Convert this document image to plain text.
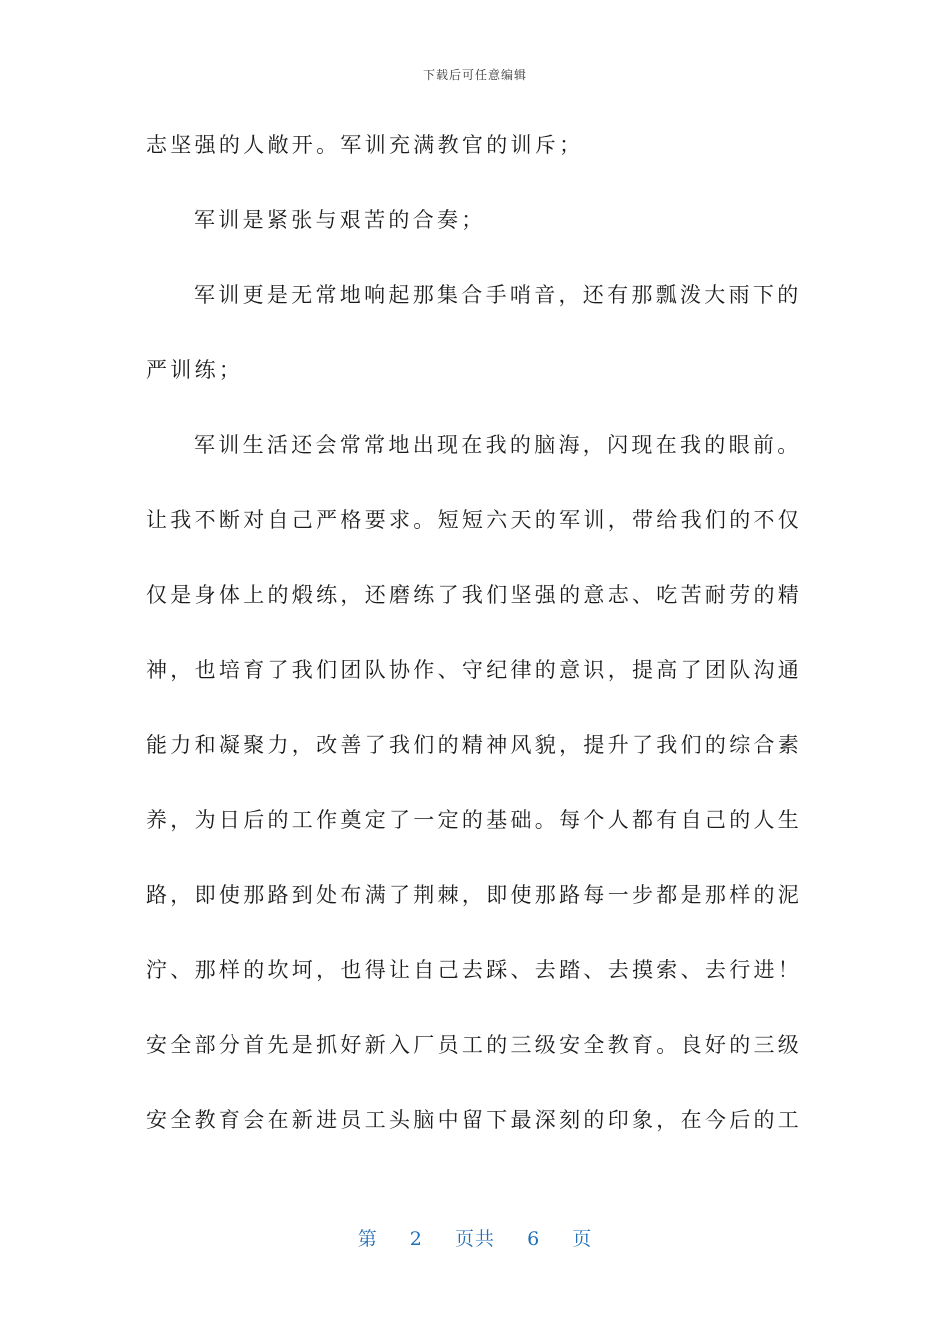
下载后可任意编辑
志坚强的人敞开。军训充满教官的训斥；
军训是紧张与艰苦的合奏；
军训更是无常地响起那集合手哨音，还有那瓢泼大雨下的
严训练；
军训生活还会常常地出现在我的脑海，闪现在我的眼前。
让我不断对自己严格要求。短短六天的军训，带给我们的不仅
仅是身体上的煅练，还磨练了我们坚强的意志、吃苦耐劳的精
神，也培育了我们团队协作、守纪律的意识，提高了团队沟通
能力和凝聚力，改善了我们的精神风貌，提升了我们的综合素
养，为日后的工作奠定了一定的基础。每个人都有自己的人生
路，即使那路到处布满了荆棘，即使那路每一步都是那样的泥
泞、那样的坎坷，也得让自己去踩、去踏、去摸索、去行进！
安全部分首先是抓好新入厂员工的三级安全教育。良好的三级
安全教育会在新进员工头脑中留下最深刻的印象，在今后的工
第 2 页共 6 页
